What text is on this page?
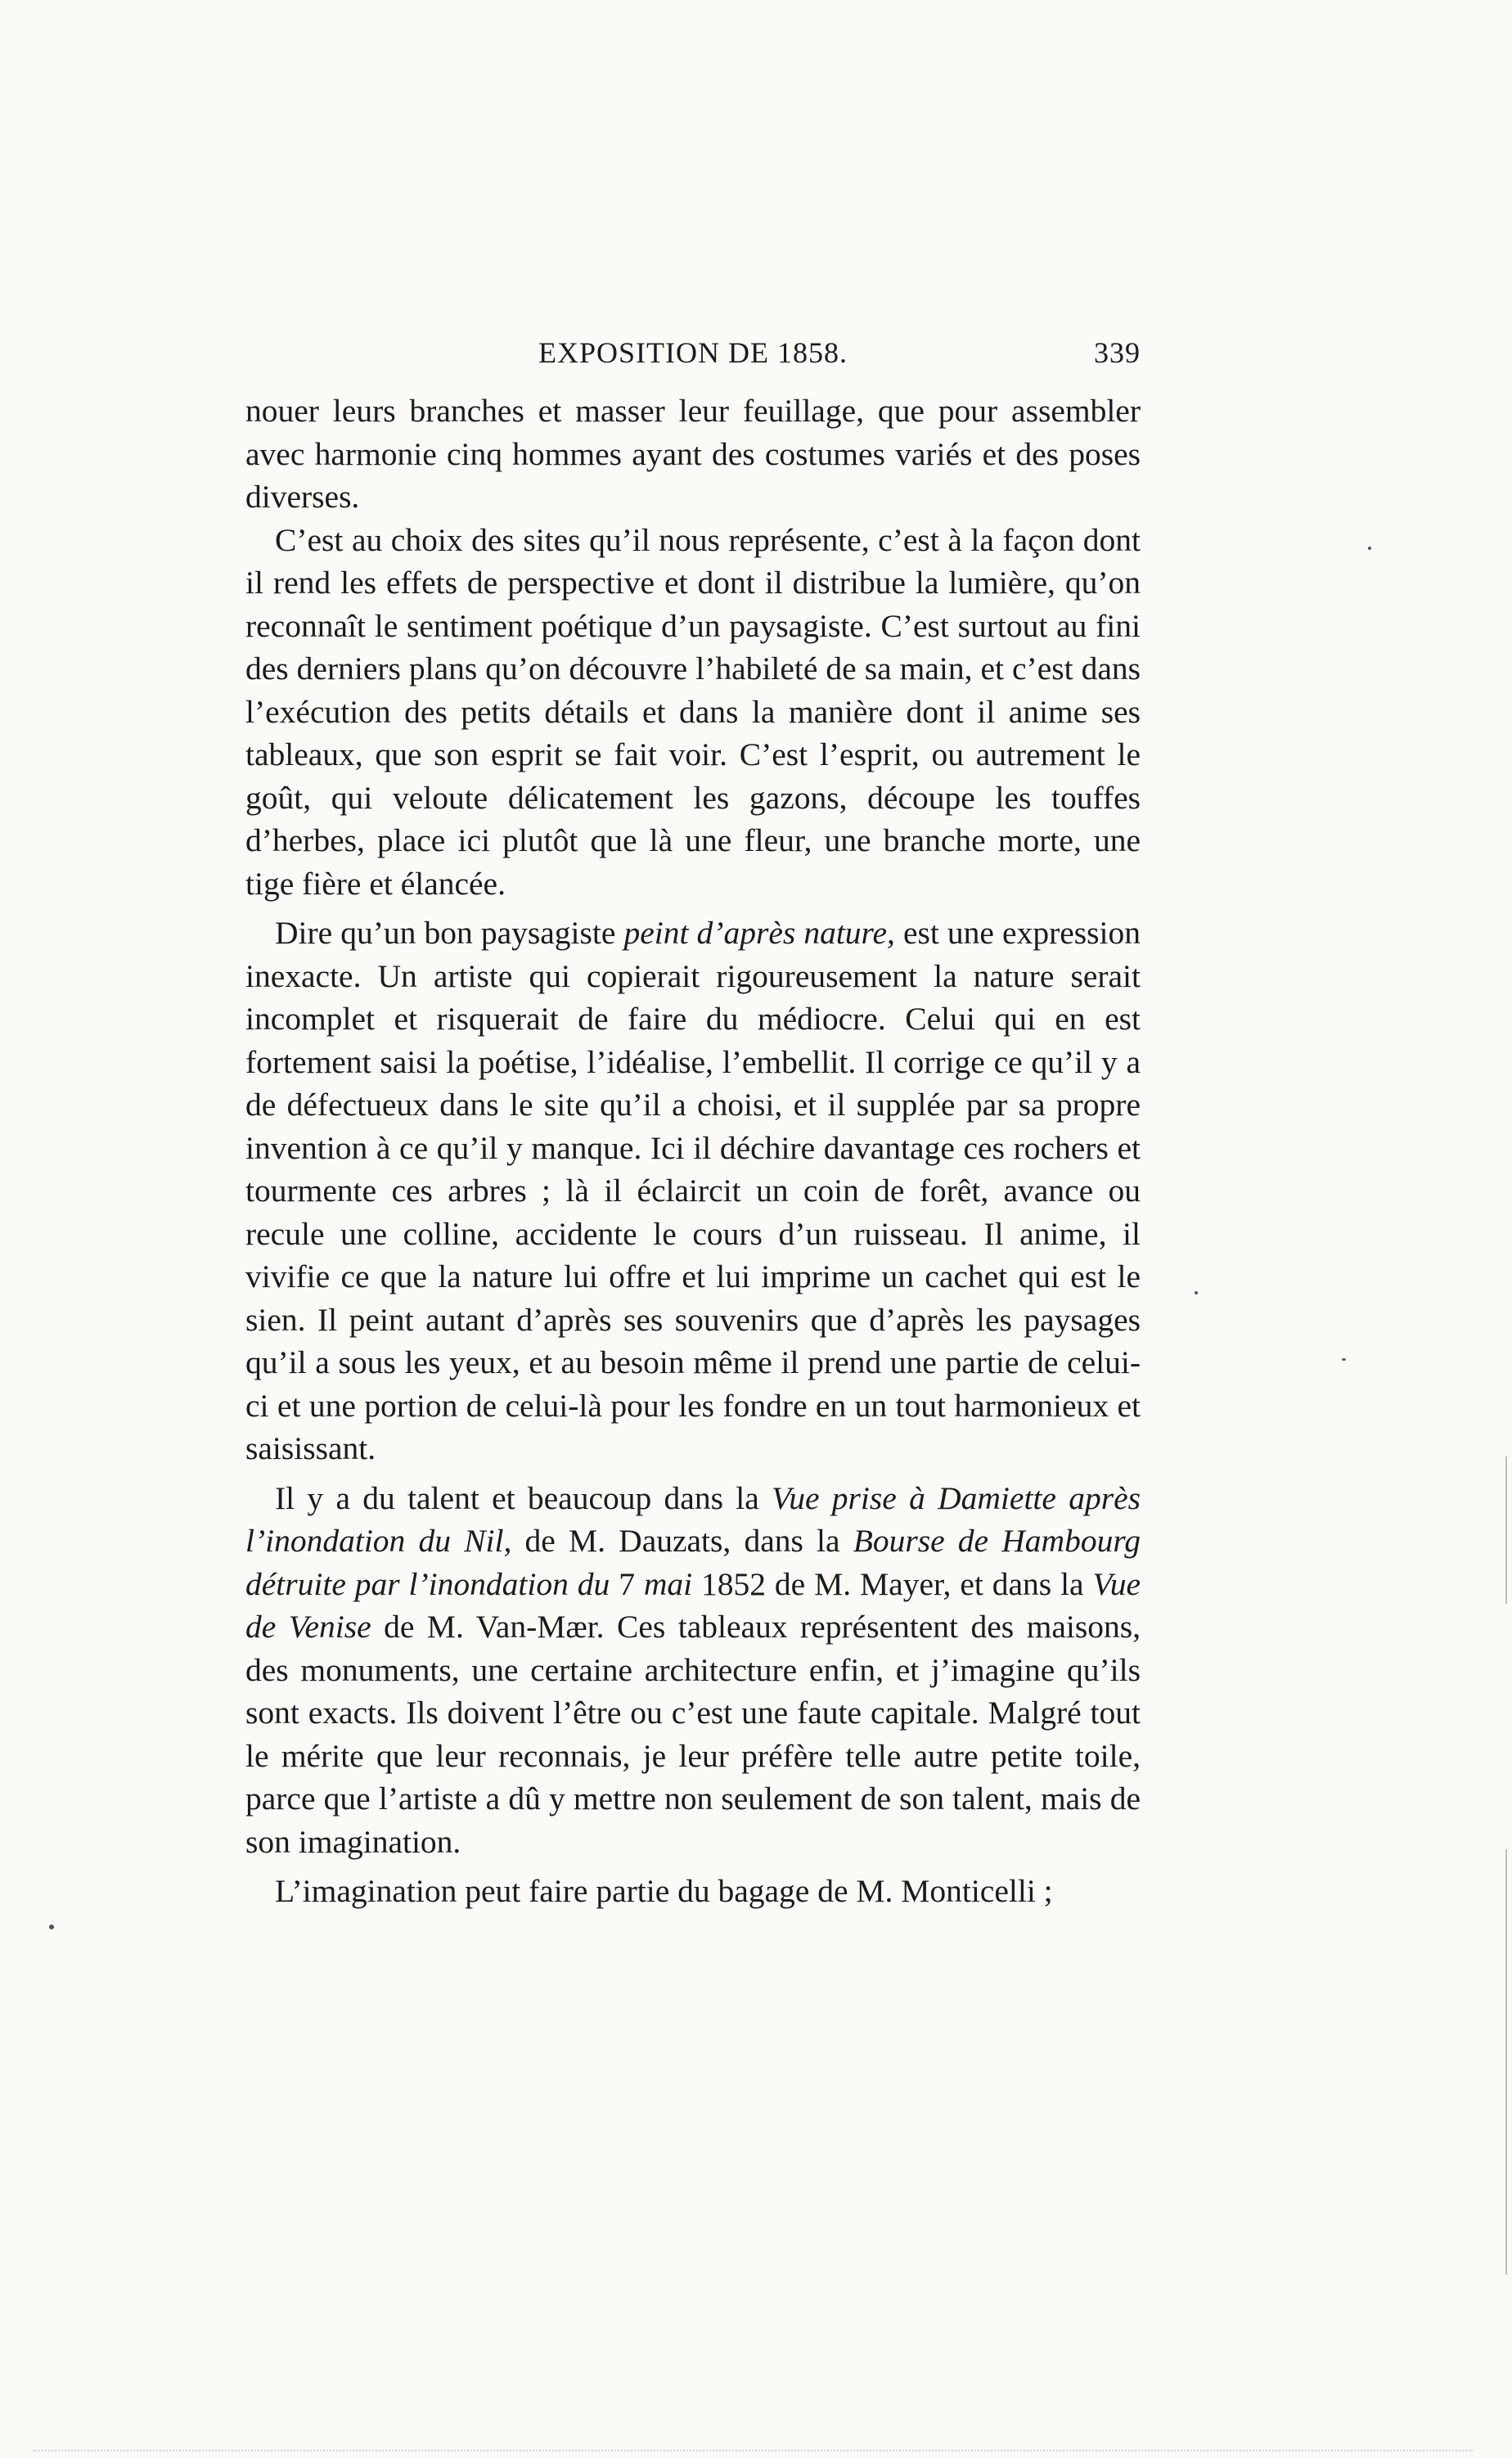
EXPOSITION DE 1858.	339

nouer leurs branches et masser leur feuillage, que pour assembler avec harmonie cinq hommes ayant des costumes variés et des poses diverses.

C’est au choix des sites qu’il nous représente, c’est à la façon dont il rend les effets de perspective et dont il distribue la lumière, qu’on reconnaît le sentiment poétique d’un paysagiste. C’est surtout au fini des derniers plans qu’on découvre l’habileté de sa main, et c’est dans l’exécution des petits détails et dans la manière dont il anime ses tableaux, que son esprit se fait voir. C’est l’esprit, ou autrement le goût, qui veloute délicatement les gazons, découpe les touffes d’herbes, place ici plutôt que là une fleur, une branche morte, une tige fière et élancée.

Dire qu’un bon paysagiste peint d’après nature, est une expression inexacte. Un artiste qui copierait rigoureusement la nature serait incomplet et risquerait de faire du médiocre. Celui qui en est fortement saisi la poétise, l’idéalise, l’embellit. Il corrige ce qu’il y a de défectueux dans le site qu’il a choisi, et il supplée par sa propre invention à ce qu’il y manque. Ici il déchire davantage ces rochers et tourmente ces arbres ; là il éclaircit un coin de forêt, avance ou recule une colline, accidente le cours d’un ruisseau. Il anime, il vivifie ce que la nature lui offre et lui imprime un cachet qui est le sien. Il peint autant d’après ses souvenirs que d’après les paysages qu’il a sous les yeux, et au besoin même il prend une partie de celui-ci et une portion de celui-là pour les fondre en un tout harmonieux et saisissant.

Il y a du talent et beaucoup dans la Vue prise à Damiette après l’inondation du Nil, de M. Dauzats, dans la Bourse de Hambourg détruite par l’inondation du 7 mai 1852 de M. Mayer, et dans la Vue de Venise de M. Van-Mær. Ces tableaux représentent des maisons, des monuments, une certaine architecture enfin, et j’imagine qu’ils sont exacts. Ils doivent l’être ou c’est une faute capitale. Malgré tout le mérite que leur reconnais, je leur préfère telle autre petite toile, parce que l’artiste a dû y mettre non seulement de son talent, mais de son imagination.

L’imagination peut faire partie du bagage de M. Monticelli ;
